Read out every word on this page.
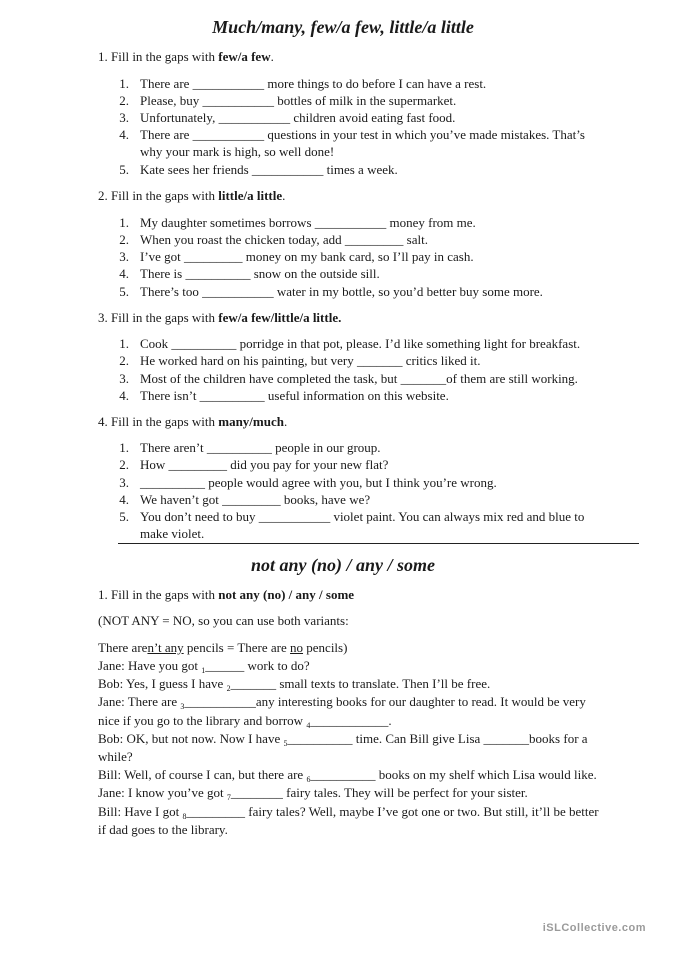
Much/many, few/a few, little/a little
1. Fill in the gaps with few/a few.
1. There are ___________ more things to do before I can have a rest.
2. Please, buy ___________ bottles of milk in the supermarket.
3. Unfortunately, ___________ children avoid eating fast food.
4. There are ___________ questions in your test in which you’ve made mistakes. That’s
why your mark is high, so well done!
5. Kate sees her friends ___________ times a week.
2. Fill in the gaps with little/a little.
1. My daughter sometimes borrows ___________ money from me.
2. When you roast the chicken today, add _________ salt.
3. I’ve got _________ money on my bank card, so I’ll pay in cash.
4. There is __________ snow on the outside sill.
5. There’s too ___________ water in my bottle, so you’d better buy some more.
3. Fill in the gaps with few/a few/little/a little.
1. Cook __________ porridge in that pot, please. I’d like something light for breakfast.
2. He worked hard on his painting, but very _______ critics liked it.
3. Most of the children have completed the task, but _______of them are still working.
4. There isn’t __________ useful information on this website.
4. Fill in the gaps with many/much.
1. There aren’t __________ people in our group.
2. How _________ did you pay for your new flat?
3. __________ people would agree with you, but I think you’re wrong.
4. We haven’t got _________ books, have we?
5. You don’t need to buy ___________ violet paint. You can always mix red and blue to
make violet.
not any (no) / any / some
1. Fill in the gaps with not any (no) / any / some
(NOT ANY = NO, so you can use both variants:
There aren’t any pencils = There are no pencils)
Jane: Have you got $_1$______ work to do?
Bob: Yes, I guess I have $_2$_______ small texts to translate. Then I’ll be free.
Jane: There are $_3$___________any interesting books for our daughter to read. It would be very
nice if you go to the library and borrow $_4$____________.
Bob: OK, but not now. Now I have $_5$__________ time. Can Bill give Lisa _______books for a
while?
Bill: Well, of course I can, but there are $_6$__________ books on my shelf which Lisa would like.
Jane: I know you’ve got $_7$________ fairy tales. They will be perfect for your sister.
Bill: Have I got $_8$_________ fairy tales? Well, maybe I’ve got one or two. But still, it’ll be better
if dad goes to the library.
iSLCollective.com
